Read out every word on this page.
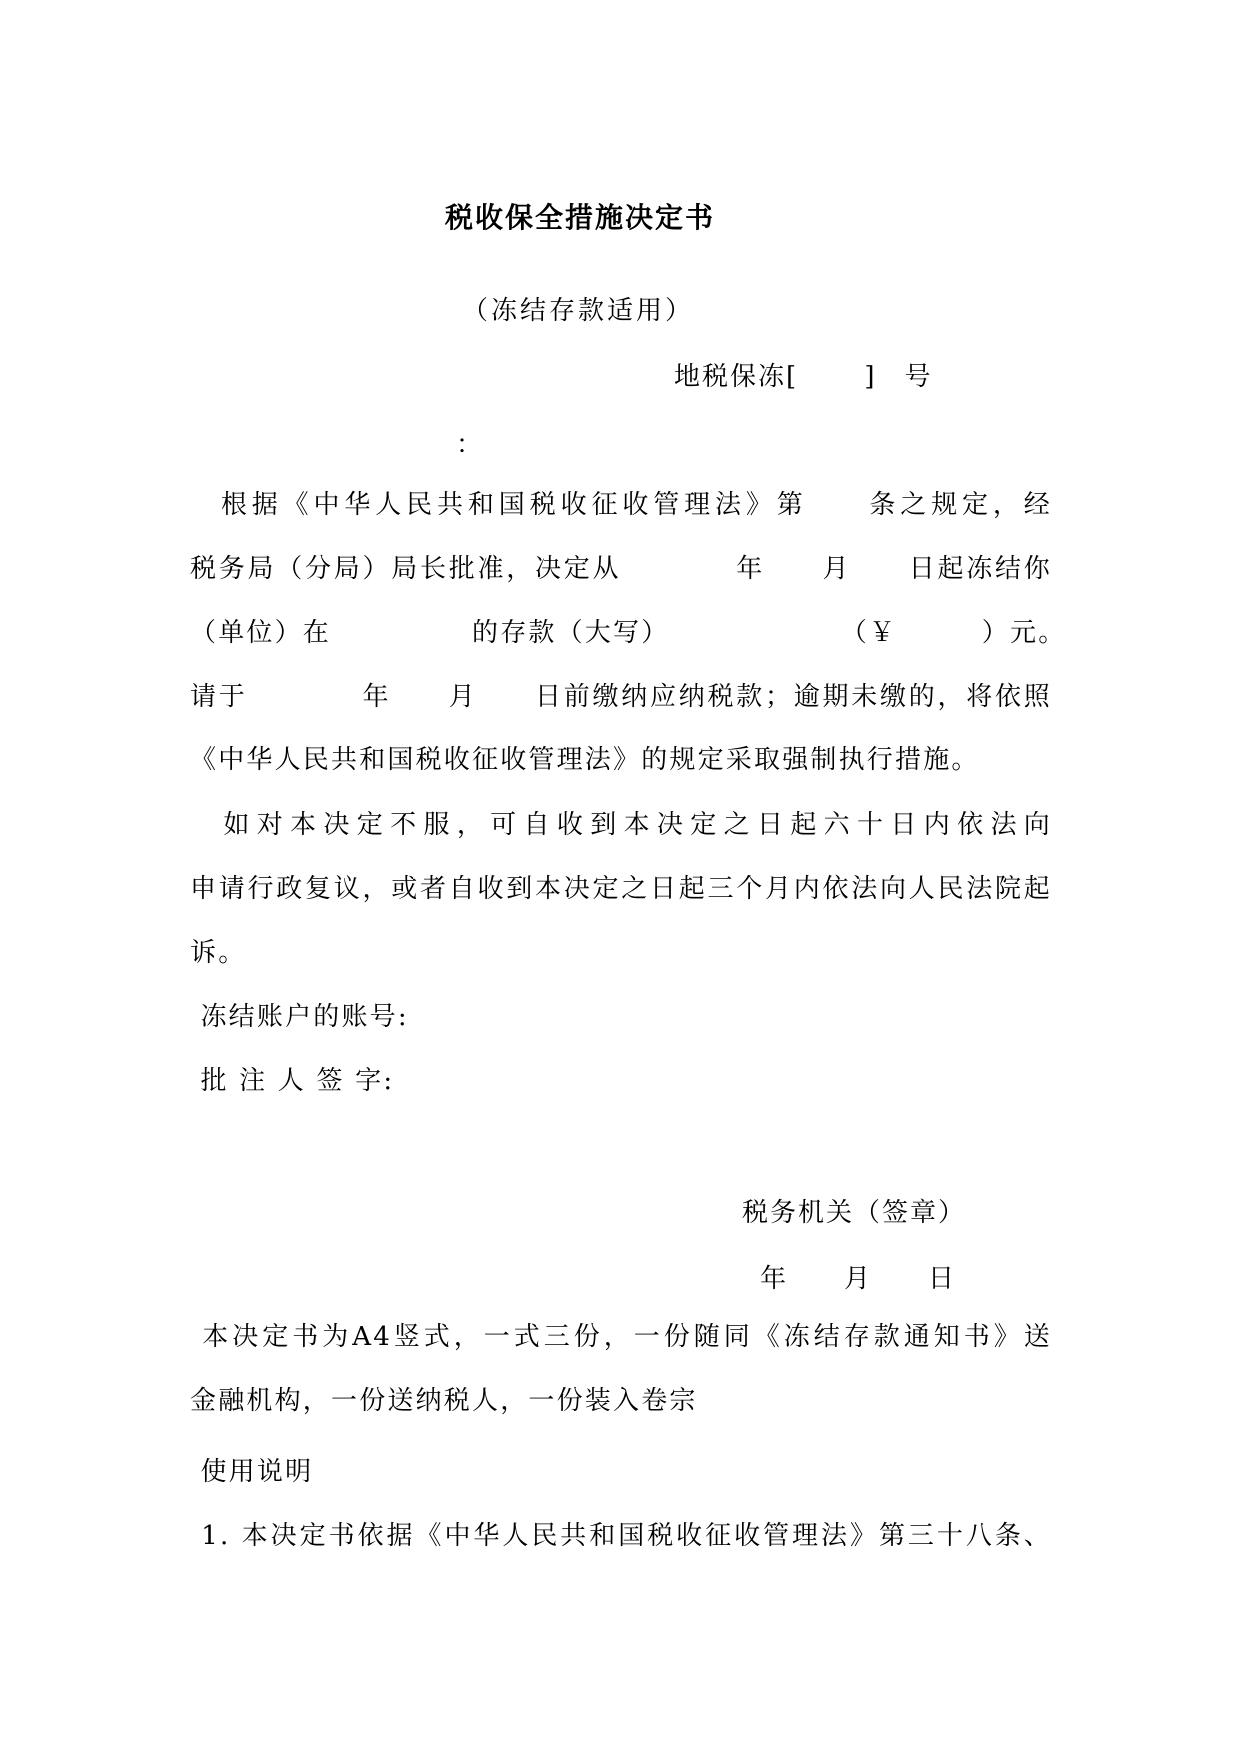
税收保全措施决定书
（冻结存款适用）
地税保冻[　　 ]　号
：
　根据《中华人民共和国税收征收管理法》第　　条之规定，经
税务局（分局）局长批准，决定从　　　　年　　月　　日起冻结你
（单位）在　　　　　的存款（大写）　　　　　　　（￥　　　）元。
请于　　　　年　　月　　日前缴纳应纳税款；逾期未缴的，将依照
《中华人民共和国税收征收管理法》的规定采取强制执行措施。
　如对本决定不服，可自收到本决定之日起六十日内依法向
申请行政复议，或者自收到本决定之日起三个月内依法向人民法院起
诉。
冻结账户的账号:
批 注 人 签 字:
税务机关（签章）
年　　月　　日
本决定书为A4竖式，一式三份，一份随同《冻结存款通知书》送
金融机构，一份送纳税人，一份装入卷宗
使用说明
1. 本决定书依据《中华人民共和国税收征收管理法》第三十八条、
